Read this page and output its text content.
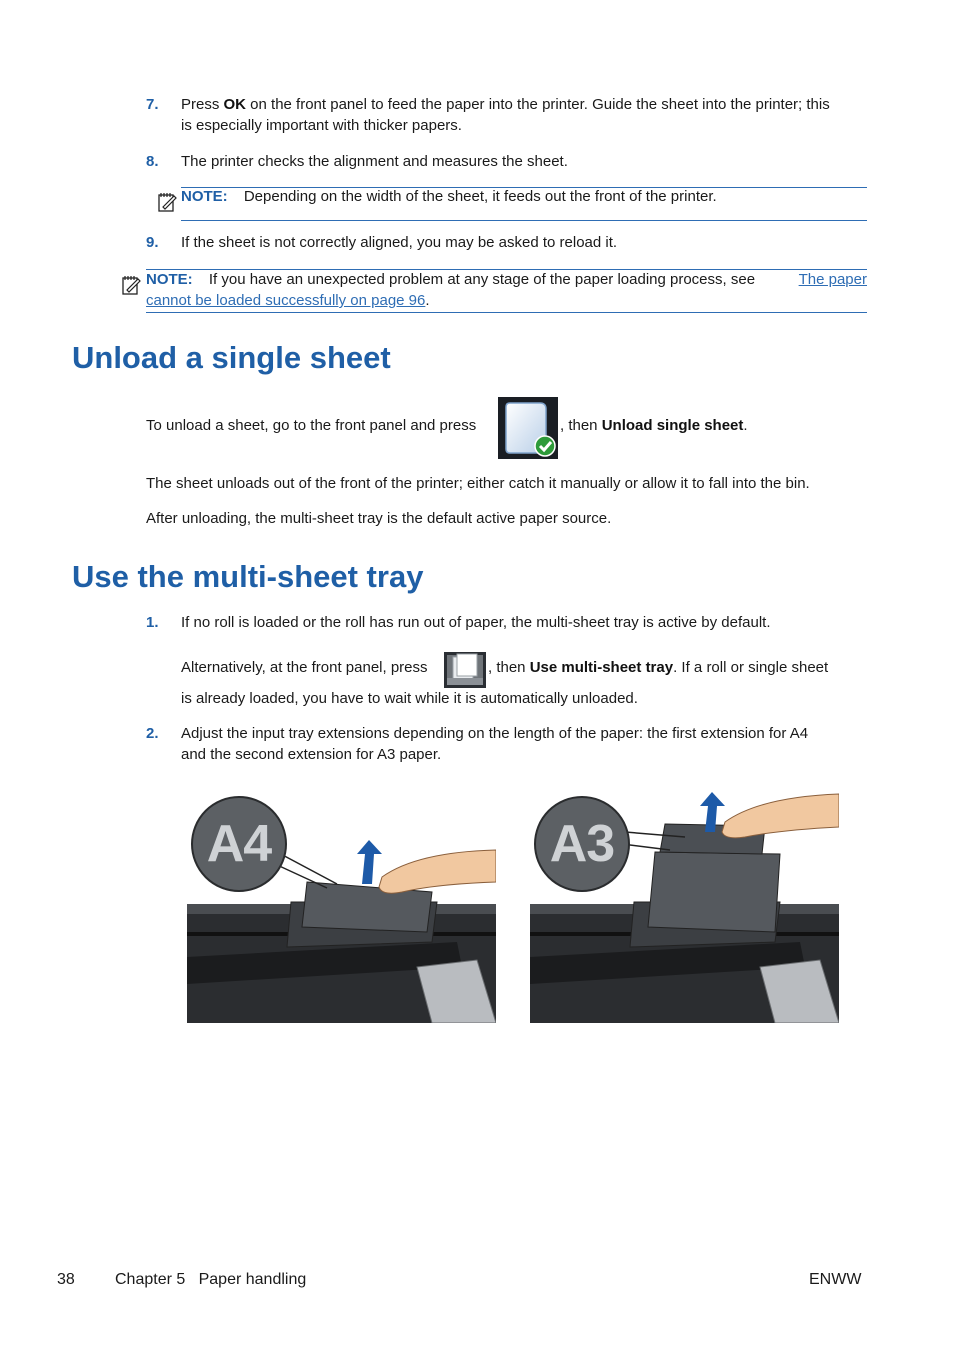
7. Press OK on the front panel to feed the paper into the printer. Guide the sheet into the printer; this
is especially important with thicker papers.
8. The printer checks the alignment and measures the sheet.
NOTE: Depending on the width of the sheet, it feeds out the front of the printer.
9. If the sheet is not correctly aligned, you may be asked to reload it.
NOTE: If you have an unexpected problem at any stage of the paper loading process, see	The paper

cannot be loaded successfully on page 96.
Unload a single sheet
To unload a sheet, go to the front panel and press	, then Unload single sheet.
The sheet unloads out of the front of the printer; either catch it manually or allow it to fall into the bin.
After unloading, the multi-sheet tray is the default active paper source.
Use the multi-sheet tray
1. If no roll is loaded or the roll has run out of paper, the multi-sheet tray is active by default.
Alternatively, at the front panel, press	, then Use multi-sheet tray. If a roll or single sheet
is already loaded, you have to wait while it is automatically unloaded.
2. Adjust the input tray extensions depending on the length of the paper: the first extension for A4
and the second extension for A3 paper.
A4	A3
38	Chapter 5   Paper handling	ENWW
